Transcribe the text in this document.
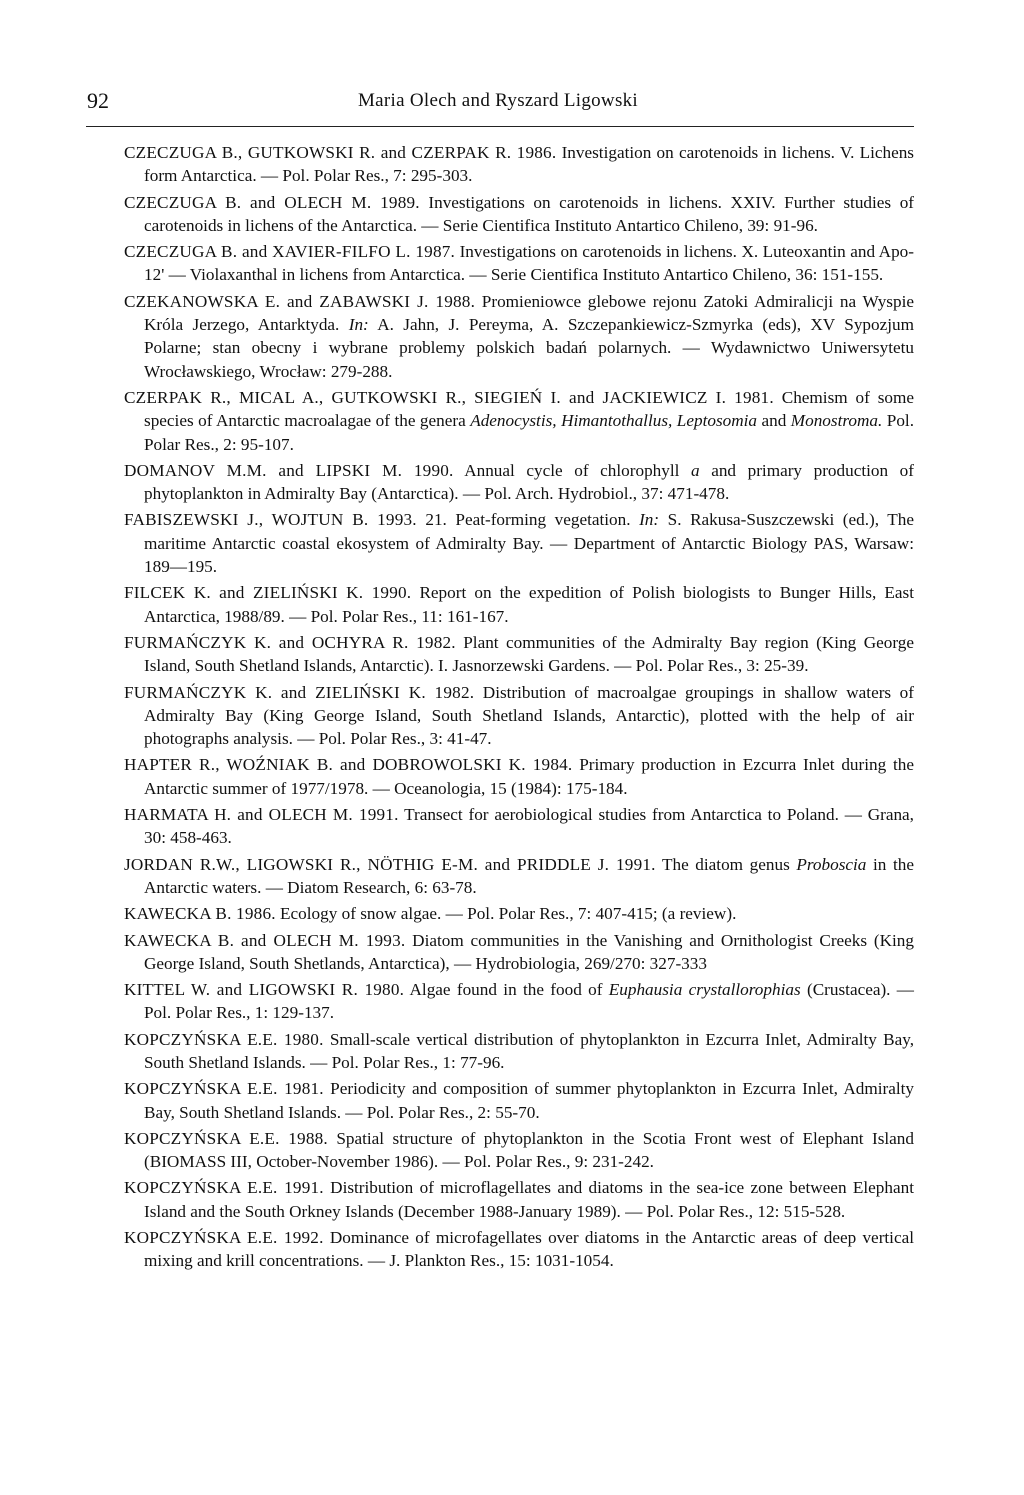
92	Maria Olech and Ryszard Ligowski

CZECZUGA B., GUTKOWSKI R. and CZERPAK R. 1986. Investigation on carotenoids in lichens. V. Lichens form Antarctica. — Pol. Polar Res., 7: 295-303.

CZECZUGA B. and OLECH M. 1989. Investigations on carotenoids in lichens. XXIV. Further studies of carotenoids in lichens of the Antarctica. — Serie Cientifica Instituto Antartico Chileno, 39: 91-96.

CZECZUGA B. and XAVIER-FILFO L. 1987. Investigations on carotenoids in lichens. X. Luteoxantin and Apo-12' — Violaxanthal in lichens from Antarctica. — Serie Cientifica Instituto Antartico Chileno, 36: 151-155.

CZEKANOWSKA E. and ZABAWSKI J. 1988. Promieniowce glebowe rejonu Zatoki Admiralicji na Wyspie Króla Jerzego, Antarktyda. In: A. Jahn, J. Pereyma, A. Szczepankiewicz-Szmyrka (eds), XV Sypozjum Polarne; stan obecny i wybrane problemy polskich badań polarnych. — Wydawnictwo Uniwersytetu Wrocławskiego, Wrocław: 279-288.

CZERPAK R., MICAL A., GUTKOWSKI R., SIEGIEŃ I. and JACKIEWICZ I. 1981. Chemism of some species of Antarctic macroalagae of the genera Adenocystis, Himantothallus, Leptosomia and Monostroma. Pol. Polar Res., 2: 95-107.

DOMANOV M.M. and LIPSKI M. 1990. Annual cycle of chlorophyll a and primary production of phytoplankton in Admiralty Bay (Antarctica). — Pol. Arch. Hydrobiol., 37: 471-478.

FABISZEWSKI J., WOJTUN B. 1993. 21. Peat-forming vegetation. In: S. Rakusa-Suszczewski (ed.), The maritime Antarctic coastal ekosystem of Admiralty Bay. — Department of Antarctic Biology PAS, Warsaw: 189—195.

FILCEK K. and ZIELIŃSKI K. 1990. Report on the expedition of Polish biologists to Bunger Hills, East Antarctica, 1988/89. — Pol. Polar Res., 11: 161-167.

FURMAŃCZYK K. and OCHYRA R. 1982. Plant communities of the Admiralty Bay region (King George Island, South Shetland Islands, Antarctic). I. Jasnorzewski Gardens. — Pol. Polar Res., 3: 25-39.

FURMAŃCZYK K. and ZIELIŃSKI K. 1982. Distribution of macroalgae groupings in shallow waters of Admiralty Bay (King George Island, South Shetland Islands, Antarctic), plotted with the help of air photographs analysis. — Pol. Polar Res., 3: 41-47.

HAPTER R., WOŹNIAK B. and DOBROWOLSKI K. 1984. Primary production in Ezcurra Inlet during the Antarctic summer of 1977/1978. — Oceanologia, 15 (1984): 175-184.

HARMATA H. and OLECH M. 1991. Transect for aerobiological studies from Antarctica to Poland. — Grana, 30: 458-463.

JORDAN R.W., LIGOWSKI R., NÖTHIG E-M. and PRIDDLE J. 1991. The diatom genus Proboscia in the Antarctic waters. — Diatom Research, 6: 63-78.

KAWECKA B. 1986. Ecology of snow algae. — Pol. Polar Res., 7: 407-415; (a review).

KAWECKA B. and OLECH M. 1993. Diatom communities in the Vanishing and Ornithologist Creeks (King George Island, South Shetlands, Antarctica), — Hydrobiologia, 269/270: 327-333

KITTEL W. and LIGOWSKI R. 1980. Algae found in the food of Euphausia crystallorophias (Crustacea). — Pol. Polar Res., 1: 129-137.

KOPCZYŃSKA E.E. 1980. Small-scale vertical distribution of phytoplankton in Ezcurra Inlet, Admiralty Bay, South Shetland Islands. — Pol. Polar Res., 1: 77-96.

KOPCZYŃSKA E.E. 1981. Periodicity and composition of summer phytoplankton in Ezcurra Inlet, Admiralty Bay, South Shetland Islands. — Pol. Polar Res., 2: 55-70.

KOPCZYŃSKA E.E. 1988. Spatial structure of phytoplankton in the Scotia Front west of Elephant Island (BIOMASS III, October-November 1986). — Pol. Polar Res., 9: 231-242.

KOPCZYŃSKA E.E. 1991. Distribution of microflagellates and diatoms in the sea-ice zone between Elephant Island and the South Orkney Islands (December 1988-January 1989). — Pol. Polar Res., 12: 515-528.

KOPCZYŃSKA E.E. 1992. Dominance of microfagellates over diatoms in the Antarctic areas of deep vertical mixing and krill concentrations. — J. Plankton Res., 15: 1031-1054.
